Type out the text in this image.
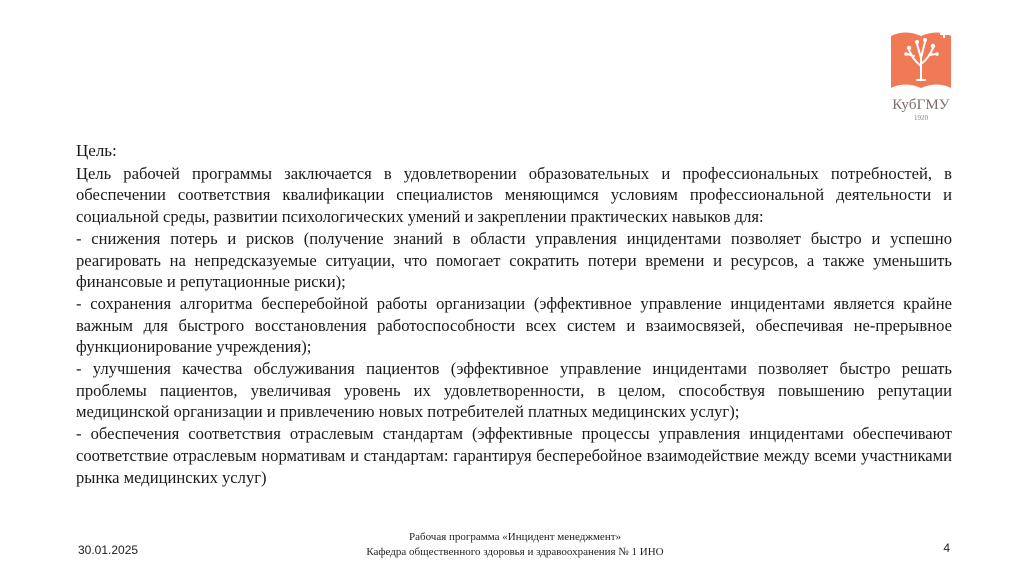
КубГМУ
1920

Цель:

Цель рабочей программы заключается в удовлетворении образовательных и профессиональных потребностей, в обеспечении соответствия квалификации специалистов меняющимся условиям профессиональной деятельности и социальной среды, развитии психологических умений и закреплении практических навыков для:

- снижения потерь и рисков (получение знаний в области управления инцидентами позволяет быстро и успешно реагировать на непредсказуемые ситуации, что помогает сократить потери времени и ресурсов, а также уменьшить финансовые и репутационные риски);

- сохранения алгоритма бесперебойной работы организации (эффективное управление инцидентами является крайне важным для быстрого восстановления работоспособности всех систем и взаимосвязей, обеспечивая не-прерывное функционирование учреждения);

- улучшения качества обслуживания пациентов (эффективное управление инцидентами позволяет быстро решать проблемы пациентов, увеличивая уровень их удовлетворенности, в целом, способствуя повышению репутации медицинской организации и привлечению новых потребителей платных медицинских услуг);

- обеспечения соответствия отраслевым стандартам (эффективные процессы управления инцидентами обеспечивают соответствие отраслевым нормативам и стандартам: гарантируя бесперебойное взаимодействие между всеми участниками рынка медицинских услуг)

30.01.2025
Рабочая программа «Инцидент менеджмент»
Кафедра общественного здоровья и здравоохранения № 1 ИНО	4
